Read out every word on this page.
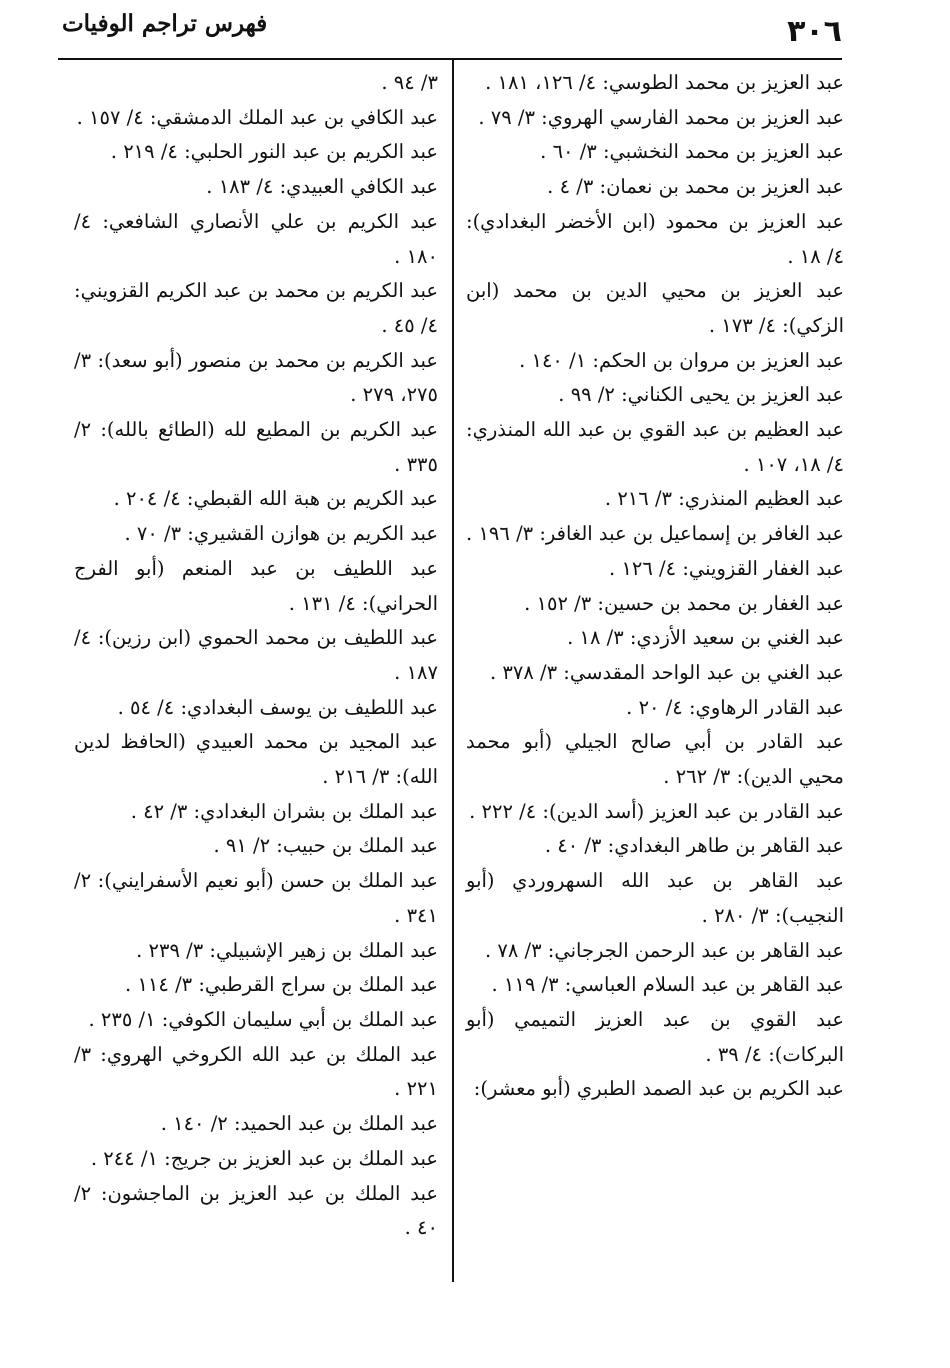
٣٠٦
فهرس تراجم الوفيات

عبد العزيز بن محمد الطوسي: ٤/ ١٢٦، ١٨١ .

عبد العزيز بن محمد الفارسي الهروي: ٣/ ٧٩ .

عبد العزيز بن محمد النخشبي: ٣/ ٦٠ .

عبد العزيز بن محمد بن نعمان: ٣/ ٤ .

عبد العزيز بن محمود (ابن الأخضر البغدادي): ٤/ ١٨ .

عبد العزيز بن محيي الدين بن محمد (ابن الزكي): ٤/ ١٧٣ .

عبد العزيز بن مروان بن الحكم: ١/ ١٤٠ .

عبد العزيز بن يحيى الكناني: ٢/ ٩٩ .

عبد العظيم بن عبد القوي بن عبد الله المنذري: ٤/ ١٨، ١٠٧ .

عبد العظيم المنذري: ٣/ ٢١٦ .

عبد الغافر بن إسماعيل بن عبد الغافر: ٣/ ١٩٦ .

عبد الغفار القزويني: ٤/ ١٢٦ .

عبد الغفار بن محمد بن حسين: ٣/ ١٥٢ .

عبد الغني بن سعيد الأزدي: ٣/ ١٨ .

عبد الغني بن عبد الواحد المقدسي: ٣/ ٣٧٨ .

عبد القادر الرهاوي: ٤/ ٢٠ .

عبد القادر بن أبي صالح الجيلي (أبو محمد محيي الدين): ٣/ ٢٦٢ .

عبد القادر بن عبد العزيز (أسد الدين): ٤/ ٢٢٢ .

عبد القاهر بن طاهر البغدادي: ٣/ ٤٠ .

عبد القاهر بن عبد الله السهروردي (أبو النجيب): ٣/ ٢٨٠ .

عبد القاهر بن عبد الرحمن الجرجاني: ٣/ ٧٨ .

عبد القاهر بن عبد السلام العباسي: ٣/ ١١٩ .

عبد القوي بن عبد العزيز التميمي (أبو البركات): ٤/ ٣٩ .

عبد الكريم بن عبد الصمد الطبري (أبو معشر):

٣/ ٩٤ .

عبد الكافي بن عبد الملك الدمشقي: ٤/ ١٥٧ .

عبد الكريم بن عبد النور الحلبي: ٤/ ٢١٩ .

عبد الكافي العبيدي: ٤/ ١٨٣ .

عبد الكريم بن علي الأنصاري الشافعي: ٤/ ١٨٠ .

عبد الكريم بن محمد بن عبد الكريم القزويني: ٤/ ٤٥ .

عبد الكريم بن محمد بن منصور (أبو سعد): ٣/ ٢٧٥، ٢٧٩ .

عبد الكريم بن المطيع لله (الطائع بالله): ٢/ ٣٣٥ .

عبد الكريم بن هبة الله القبطي: ٤/ ٢٠٤ .

عبد الكريم بن هوازن القشيري: ٣/ ٧٠ .

عبد اللطيف بن عبد المنعم (أبو الفرج الحراني): ٤/ ١٣١ .

عبد اللطيف بن محمد الحموي (ابن رزين): ٤/ ١٨٧ .

عبد اللطيف بن يوسف البغدادي: ٤/ ٥٤ .

عبد المجيد بن محمد العبيدي (الحافظ لدين الله): ٣/ ٢١٦ .

عبد الملك بن بشران البغدادي: ٣/ ٤٢ .

عبد الملك بن حبيب: ٢/ ٩١ .

عبد الملك بن حسن (أبو نعيم الأسفرايني): ٢/ ٣٤١ .

عبد الملك بن زهير الإشبيلي: ٣/ ٢٣٩ .

عبد الملك بن سراج القرطبي: ٣/ ١١٤ .

عبد الملك بن أبي سليمان الكوفي: ١/ ٢٣٥ .

عبد الملك بن عبد الله الكروخي الهروي: ٣/ ٢٢١ .

عبد الملك بن عبد الحميد: ٢/ ١٤٠ .

عبد الملك بن عبد العزيز بن جريج: ١/ ٢٤٤ .

عبد الملك بن عبد العزيز بن الماجشون: ٢/ ٤٠ .
